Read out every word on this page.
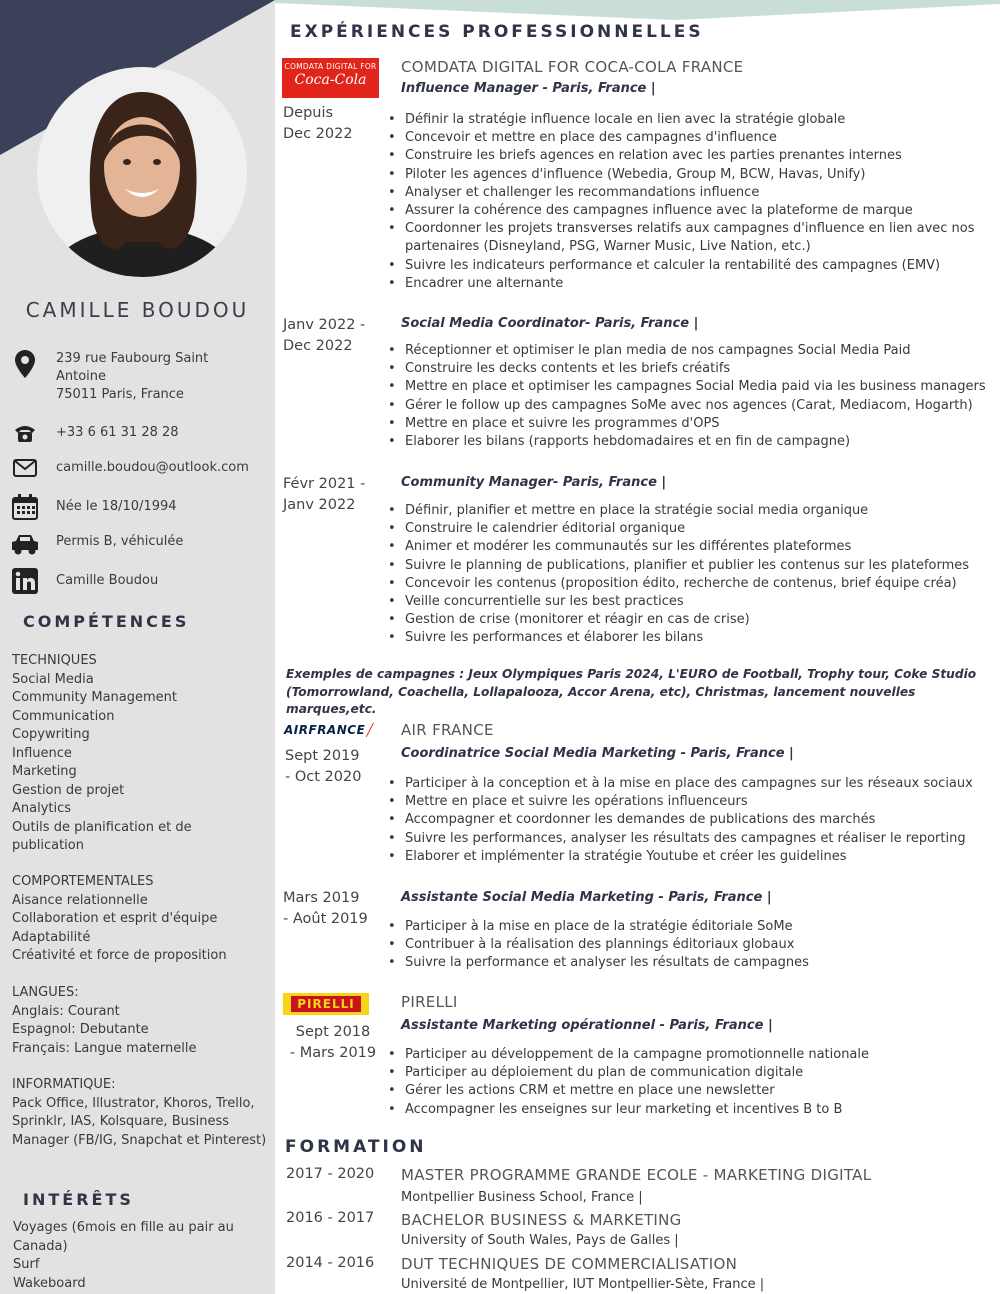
CAMILLE BOUDOU
239 rue Faubourg Saint
Antoine
75011 Paris, France
+33 6 61 31 28 28
camille.boudou@outlook.com
Née le 18/10/1994
Permis B, véhiculée
Camille Boudou
COMPÉTENCES
TECHNIQUES
Social Media
Community Management
Communication
Copywriting
Influence
Marketing
Gestion de projet
Analytics
Outils de planification et de publication
COMPORTEMENTALES
Aisance relationnelle
Collaboration et esprit d'équipe
Adaptabilité
Créativité et force de proposition
LANGUES:
Anglais: Courant
Espagnol: Debutante
Français: Langue maternelle
INFORMATIQUE:
Pack Office, Illustrator, Khoros, Trello, Sprinklr, IAS, Kolsquare, Business Manager (FB/IG, Snapchat et Pinterest)
INTÉRÊTS
Voyages (6mois en fille au pair au Canada)
Surf
Wakeboard
EXPÉRIENCES PROFESSIONNELLES
COMDATA DIGITAL FOR
Coca-Cola
COMDATA DIGITAL FOR COCA-COLA FRANCE
Influence Manager - Paris, France |
Depuis
Dec 2022
• Définir la stratégie influence locale en lien avec la stratégie globale
• Concevoir et mettre en place des campagnes d'influence
• Construire les briefs agences en relation avec les parties prenantes internes
• Piloter les agences d'influence (Webedia, Group M, BCW, Havas, Unify)
• Analyser et challenger les recommandations influence
• Assurer la cohérence des campagnes influence avec la plateforme de marque
• Coordonner les projets transverses relatifs aux campagnes d'influence en lien avec nos partenaires (Disneyland, PSG, Warner Music, Live Nation, etc.)
• Suivre les indicateurs performance et calculer la rentabilité des campagnes (EMV)
• Encadrer une alternante
Janv 2022 -
Dec 2022
Social Media Coordinator- Paris, France |
• Réceptionner et optimiser le plan media de nos campagnes Social Media Paid
• Construire les decks contents et les briefs créatifs
• Mettre en place et optimiser les campagnes Social Media paid via les business managers
• Gérer le follow up des campagnes SoMe avec nos agences (Carat, Mediacom, Hogarth)
• Mettre en place et suivre les programmes d'OPS
• Elaborer les bilans (rapports hebdomadaires et en fin de campagne)
Févr 2021 -
Janv 2022
Community Manager- Paris, France |
• Définir, planifier et mettre en place la stratégie social media organique
• Construire le calendrier éditorial organique
• Animer et modérer les communautés sur les différentes plateformes
• Suivre le planning de publications, planifier et publier les contenus sur les plateformes
• Concevoir les contenus (proposition édito, recherche de contenus, brief équipe créa)
• Veille concurrentielle sur les best practices
• Gestion de crise (monitorer et réagir en cas de crise)
• Suivre les performances et élaborer les bilans
Exemples de campagnes : Jeux Olympiques Paris 2024, L'EURO de Football, Trophy tour, Coke Studio (Tomorrowland, Coachella, Lollapalooza, Accor Arena, etc), Christmas, lancement nouvelles marques,etc.
AIRFRANCE╱ AIR FRANCE
Coordinatrice Social Media Marketing - Paris, France |
Sept 2019
- Oct 2020	• Participer à la conception et à la mise en place des campagnes sur les réseaux sociaux
• Mettre en place et suivre les opérations influenceurs
• Accompagner et coordonner les demandes de publications des marchés
• Suivre les performances, analyser les résultats des campagnes et réaliser le reporting
• Elaborer et implémenter la stratégie Youtube et créer les guidelines
Mars 2019
- Août 2019
Assistante Social Media Marketing - Paris, France |
• Participer à la mise en place de la stratégie éditoriale SoMe
• Contribuer à la réalisation des plannings éditoriaux globaux
• Suivre la performance et analyser les résultats de campagnes
PIRELLI	PIRELLI
Assistante Marketing opérationnel - Paris, France |
Sept 2018
- Mars 2019	• Participer au développement de la campagne promotionnelle nationale
• Participer au déploiement du plan de communication digitale
• Gérer les actions CRM et mettre en place une newsletter
• Accompagner les enseignes sur leur marketing et incentives B to B
FORMATION
2017 - 2020 MASTER PROGRAMME GRANDE ECOLE - MARKETING DIGITAL
Montpellier Business School, France |
2016 - 2017 BACHELOR BUSINESS & MARKETING
University of South Wales, Pays de Galles |
2014 - 2016 DUT TECHNIQUES DE COMMERCIALISATION
Université de Montpellier, IUT Montpellier-Sète, France |
